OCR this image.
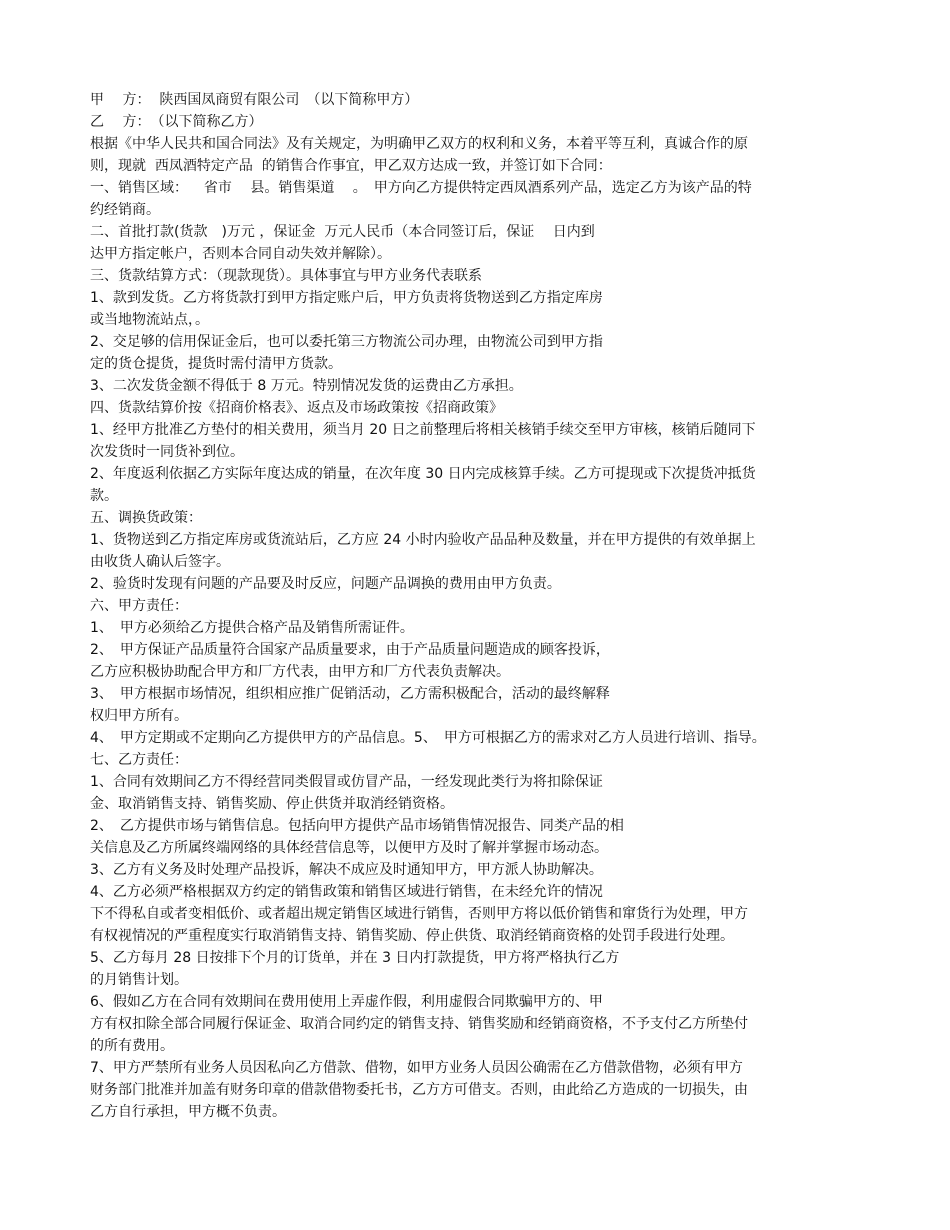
甲　 方：  陕西国凤商贸有限公司　（以下简称甲方）
乙　 方：　（以下简称乙方）
根据《中华人民共和国合同法》及有关规定，为明确甲乙双方的权利和义务，本着平等互利，真诚合作的原
则，现就  西凤酒特定产品  的销售合作事宜，甲乙双方达成一致，并签订如下合同：
一、销售区域：　  省市　 县。销售渠道　 。　甲方向乙方提供特定西凤酒系列产品，选定乙方为该产品的特
约经销商。
二、首批打款(货款　)万元 ，保证金  万元人民币（本合同签订后，保证　 日内到
达甲方指定帐户，否则本合同自动失效并解除）。
三、货款结算方式：（现款现货）。具体事宜与甲方业务代表联系
1、款到发货。乙方将货款打到甲方指定账户后，甲方负责将货物送到乙方指定库房
或当地物流站点，。
2、交足够的信用保证金后，也可以委托第三方物流公司办理，由物流公司到甲方指
定的货仓提货，提货时需付清甲方货款。
3、二次发货金额不得低于 8 万元。特别情况发货的运费由乙方承担。
四、货款结算价按《招商价格表》、返点及市场政策按《招商政策》
1、经甲方批准乙方垫付的相关费用，须当月 20 日之前整理后将相关核销手续交至甲方审核，核销后随同下
次发货时一同货补到位。
2、年度返利依据乙方实际年度达成的销量，在次年度 30 日内完成核算手续。乙方可提现或下次提货冲抵货
款。
五、调换货政策：
1、货物送到乙方指定库房或货流站后，乙方应 24 小时内验收产品品种及数量，并在甲方提供的有效单据上
由收货人确认后签字。
2、验货时发现有问题的产品要及时反应，问题产品调换的费用由甲方负责。
六、甲方责任：
1、　甲方必须给乙方提供合格产品及销售所需证件。
2、　甲方保证产品质量符合国家产品质量要求，由于产品质量问题造成的顾客投诉，
乙方应积极协助配合甲方和厂方代表，由甲方和厂方代表负责解决。
3、　甲方根据市场情况，组织相应推广促销活动，乙方需积极配合，活动的最终解释
权归甲方所有。
4、　甲方定期或不定期向乙方提供甲方的产品信息。5、　甲方可根据乙方的需求对乙方人员进行培训、指导。
七、乙方责任：
1、合同有效期间乙方不得经营同类假冒或仿冒产品，一经发现此类行为将扣除保证
金、取消销售支持、销售奖励、停止供货并取消经销资格。
2、　乙方提供市场与销售信息。包括向甲方提供产品市场销售情况报告、同类产品的相
关信息及乙方所属终端网络的具体经营信息等，以便甲方及时了解并掌握市场动态。
3、乙方有义务及时处理产品投诉，解决不成应及时通知甲方，甲方派人协助解决。
4、乙方必须严格根据双方约定的销售政策和销售区域进行销售，在未经允许的情况
下不得私自或者变相低价、或者超出规定销售区域进行销售，否则甲方将以低价销售和窜货行为处理，甲方
有权视情况的严重程度实行取消销售支持、销售奖励、停止供货、取消经销商资格的处罚手段进行处理。
5、乙方每月 28 日按排下个月的订货单，并在 3 日内打款提货，甲方将严格执行乙方
的月销售计划。
6、假如乙方在合同有效期间在费用使用上弄虚作假，利用虚假合同欺骗甲方的、甲
方有权扣除全部合同履行保证金、取消合同约定的销售支持、销售奖励和经销商资格，不予支付乙方所垫付
的所有费用。
7、甲方严禁所有业务人员因私向乙方借款、借物，如甲方业务人员因公确需在乙方借款借物，必须有甲方
财务部门批准并加盖有财务印章的借款借物委托书，乙方方可借支。否则，由此给乙方造成的一切损失，由
乙方自行承担，甲方概不负责。
